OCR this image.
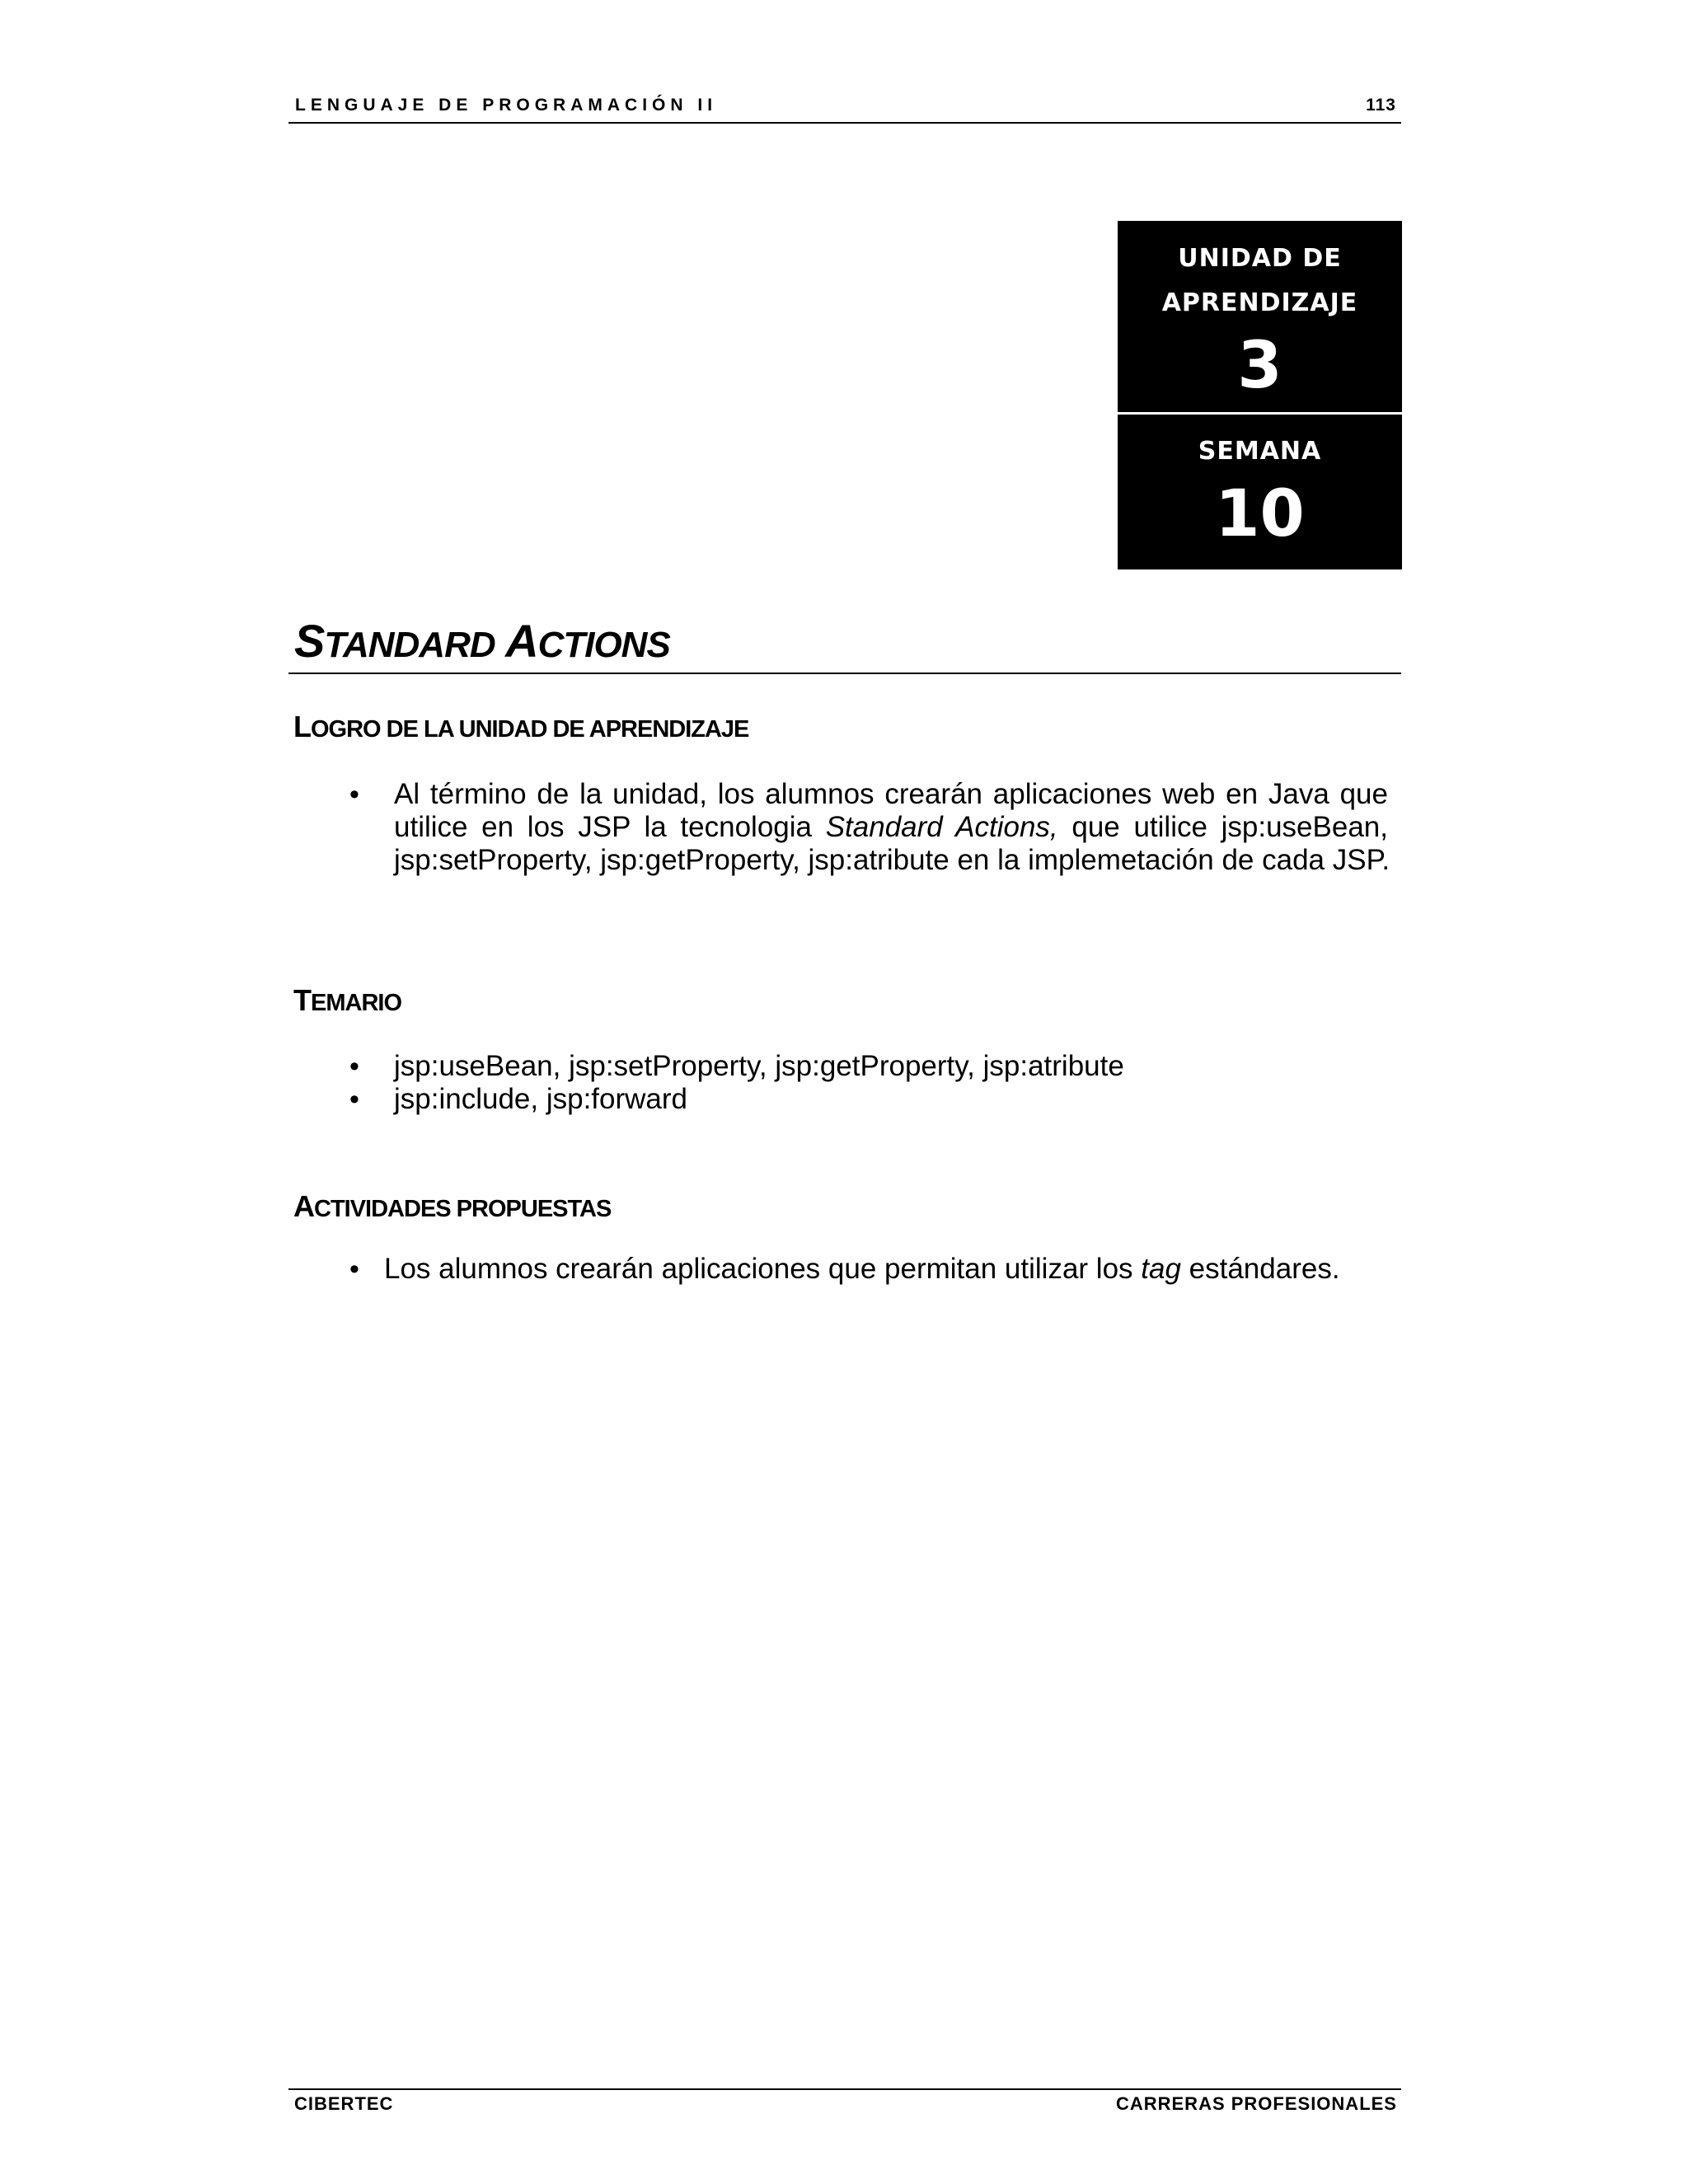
LENGUAJE DE PROGRAMACIÓN II	113
UNIDAD DE
APRENDIZAJE
3
SEMANA
10
STANDARD ACTIONS
LOGRO DE LA UNIDAD DE APRENDIZAJE
• Al término de la unidad, los alumnos crearán aplicaciones web en Java que
utilice en los JSP la tecnologia Standard Actions, que utilice jsp:useBean,
jsp:setProperty, jsp:getProperty, jsp:atribute en la implemetación de cada JSP.
TEMARIO
• jsp:useBean, jsp:setProperty, jsp:getProperty, jsp:atribute
• jsp:include, jsp:forward
ACTIVIDADES PROPUESTAS
• Los alumnos crearán aplicaciones que permitan utilizar los tag estándares.
CIBERTEC	CARRERAS PROFESIONALES
